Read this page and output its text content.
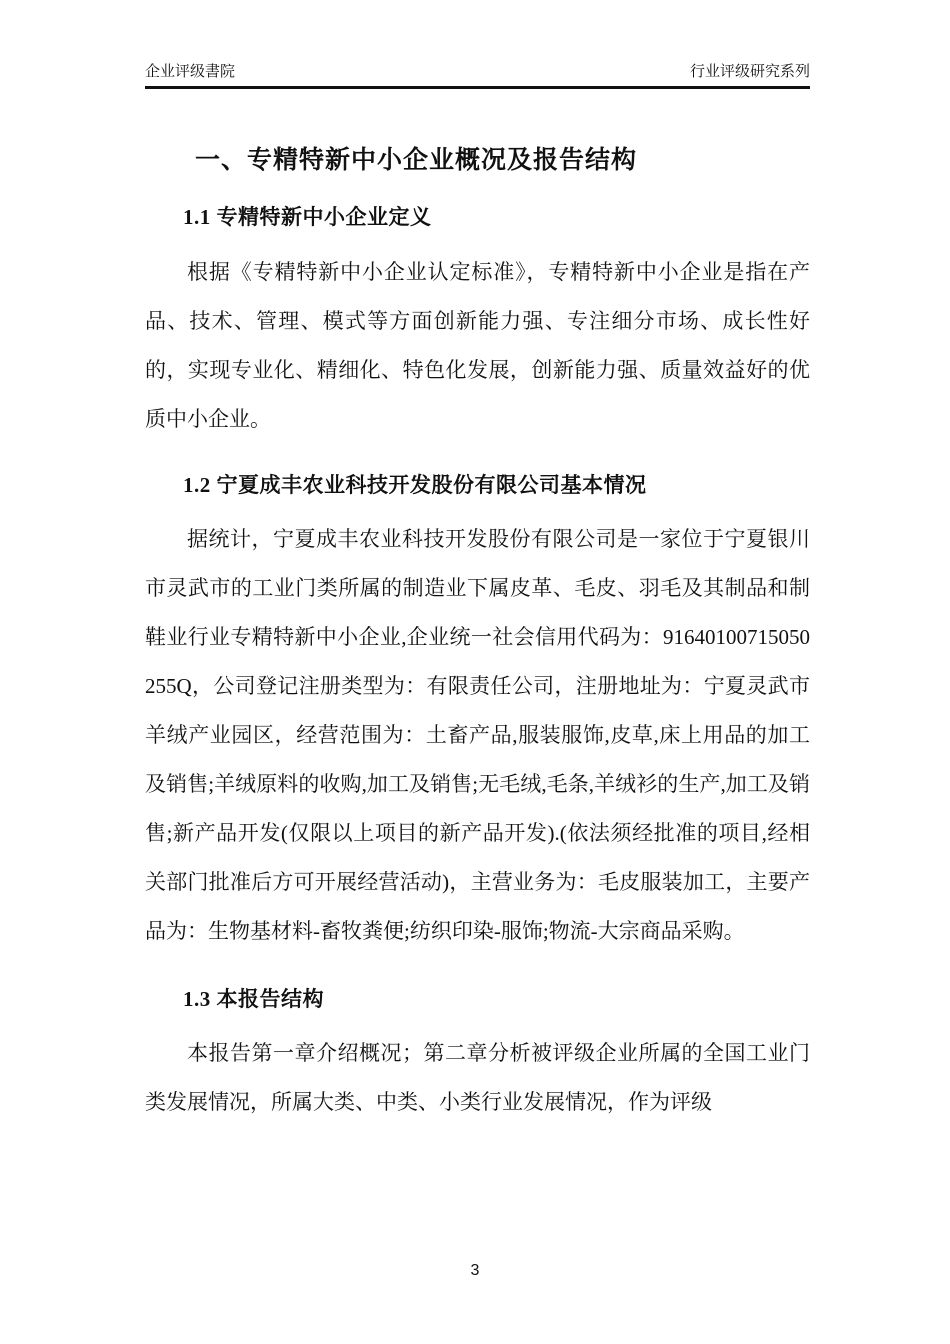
企业评级書院	行业评级研究系列
一、专精特新中小企业概况及报告结构
1.1 专精特新中小企业定义

根据《专精特新中小企业认定标准》，专精特新中小企业是指在产品、技术、管理、模式等方面创新能力强、专注细分市场、成长性好的，实现专业化、精细化、特色化发展，创新能力强、质量效益好的优质中小企业。

1.2 宁夏成丰农业科技开发股份有限公司基本情况

据统计，宁夏成丰农业科技开发股份有限公司是一家位于宁夏银川市灵武市的工业门类所属的制造业下属皮革、毛皮、羽毛及其制品和制鞋业行业专精特新中小企业,企业统一社会信用代码为：91640100715050255Q，公司登记注册类型为：有限责任公司，注册地址为：宁夏灵武市羊绒产业园区，经营范围为：土畜产品,服装服饰,皮草,床上用品的加工及销售;羊绒原料的收购,加工及销售;无毛绒,毛条,羊绒衫的生产,加工及销售;新产品开发(仅限以上项目的新产品开发).(依法须经批准的项目,经相关部门批准后方可开展经营活动)，主营业务为：毛皮服装加工，主要产品为：生物基材料-畜牧粪便;纺织印染-服饰;物流-大宗商品采购。

1.3 本报告结构

本报告第一章介绍概况；第二章分析被评级企业所属的全国工业门类发展情况，所属大类、中类、小类行业发展情况，作为评级

3
